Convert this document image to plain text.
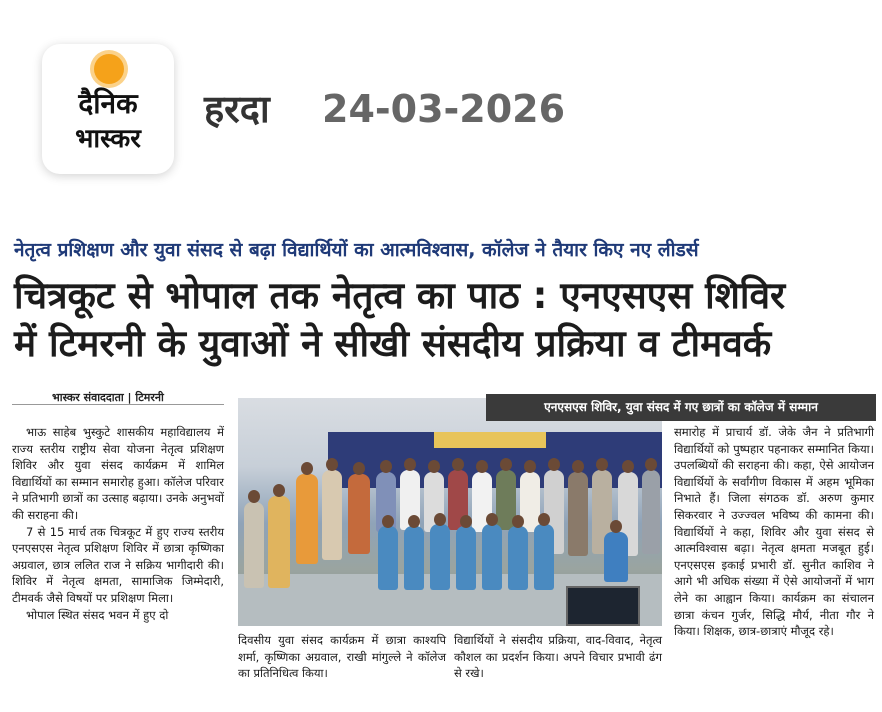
दैनिक
भास्कर
हरदा 24-03-2026
नेतृत्व प्रशिक्षण और युवा संसद से बढ़ा विद्यार्थियों का आत्मविश्वास, कॉलेज ने तैयार किए नए लीडर्स
चित्रकूट से भोपाल तक नेतृत्व का पाठ : एनएसएस शिविर
में टिमरनी के युवाओं ने सीखी संसदीय प्रक्रिया व टीमवर्क
भास्कर संवाददाता | टिमरनी

भाऊ साहेब भुस्कुटे शासकीय महाविद्यालय में राज्य स्तरीय राष्ट्रीय सेवा योजना नेतृत्व प्रशिक्षण शिविर और युवा संसद कार्यक्रम में शामिल विद्यार्थियों का सम्मान समारोह हुआ। कॉलेज परिवार ने प्रतिभागी छात्रों का उत्साह बढ़ाया। उनके अनुभवों की सराहना की।

7 से 15 मार्च तक चित्रकूट में हुए राज्य स्तरीय एनएसएस नेतृत्व प्रशिक्षण शिविर में छात्रा कृष्णिका अग्रवाल, छात्र ललित राज ने सक्रिय भागीदारी की। शिविर में नेतृत्व क्षमता, सामाजिक जिम्मेदारी, टीमवर्क जैसे विषयों पर प्रशिक्षण मिला।

भोपाल स्थित संसद भवन में हुए दो

एनएसएस शिविर, युवा संसद में गए छात्रों का कॉलेज में सम्मान

दिवसीय युवा संसद कार्यक्रम में छात्रा काश्यपि शर्मा, कृष्णिका अग्रवाल, राखी मांगुल्ले ने कॉलेज का प्रतिनिधित्व किया।

विद्यार्थियों ने संसदीय प्रक्रिया, वाद-विवाद, नेतृत्व कौशल का प्रदर्शन किया। अपने विचार प्रभावी ढंग से रखे।

समारोह में प्राचार्य डॉ. जेके जैन ने प्रतिभागी विद्यार्थियों को पुष्पहार पहनाकर सम्मानित किया। उपलब्धियों की सराहना की। कहा, ऐसे आयोजन विद्यार्थियों के सर्वांगीण विकास में अहम भूमिका निभाते हैं। जिला संगठक डॉ. अरुण कुमार सिकरवार ने उज्ज्वल भविष्य की कामना की। विद्यार्थियों ने कहा, शिविर और युवा संसद से आत्मविश्वास बढ़ा। नेतृत्व क्षमता मजबूत हुई। एनएसएस इकाई प्रभारी डॉ. सुनीत काशिव ने आगे भी अधिक संख्या में ऐसे आयोजनों में भाग लेने का आह्वान किया। कार्यक्रम का संचालन छात्रा कंचन गुर्जर, सिद्धि मौर्य, नीता गौर ने किया। शिक्षक, छात्र-छात्राएं मौजूद रहे।
